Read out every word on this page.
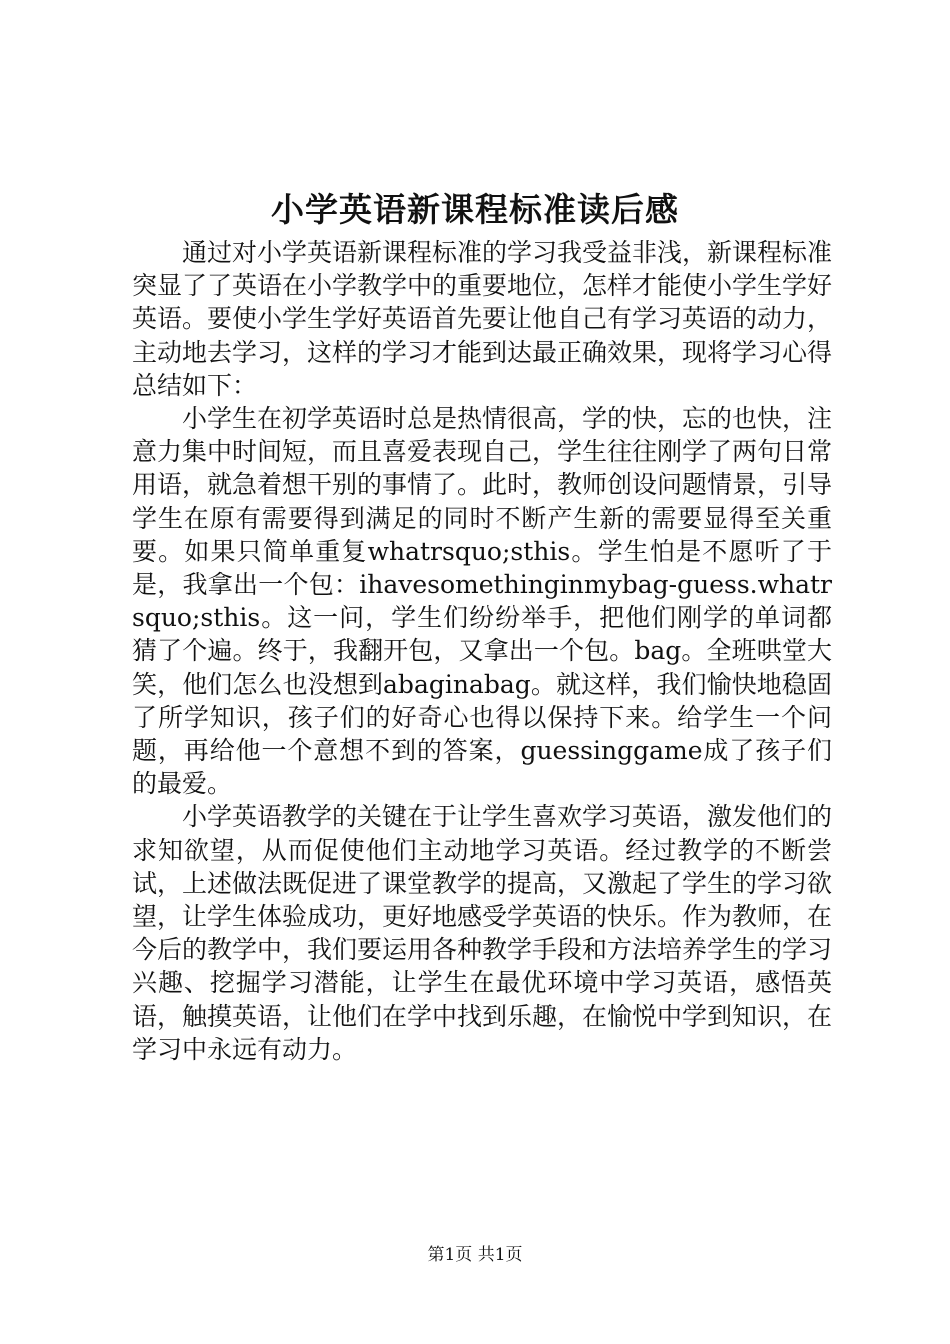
小学英语新课程标准读后感

通过对小学英语新课程标准的学习我受益非浅，新课程标准突显了了英语在小学教学中的重要地位，怎样才能使小学生学好英语。要使小学生学好英语首先要让他自己有学习英语的动力，主动地去学习，这样的学习才能到达最正确效果，现将学习心得总结如下：

小学生在初学英语时总是热情很高，学的快，忘的也快，注意力集中时间短，而且喜爱表现自己，学生往往刚学了两句日常用语，就急着想干别的事情了。此时，教师创设问题情景，引导学生在原有需要得到满足的同时不断产生新的需要显得至关重要。如果只简单重复whatrsquo;sthis。学生怕是不愿听了于是，我拿出一个包：ihavesomethinginmybag-guess.whatrsquo;sthis。这一问，学生们纷纷举手，把他们刚学的单词都猜了个遍。终于，我翻开包，又拿出一个包。bag。全班哄堂大笑，他们怎么也没想到abaginabag。就这样，我们愉快地稳固了所学知识，孩子们的好奇心也得以保持下来。给学生一个问题，再给他一个意想不到的答案，guessinggame成了孩子们的最爱。

小学英语教学的关键在于让学生喜欢学习英语，激发他们的求知欲望，从而促使他们主动地学习英语。经过教学的不断尝试，上述做法既促进了课堂教学的提高，又激起了学生的学习欲望，让学生体验成功，更好地感受学英语的快乐。作为教师，在今后的教学中，我们要运用各种教学手段和方法培养学生的学习兴趣、挖掘学习潜能，让学生在最优环境中学习英语，感悟英语，触摸英语，让他们在学中找到乐趣，在愉悦中学到知识，在学习中永远有动力。

第1页 共1页
